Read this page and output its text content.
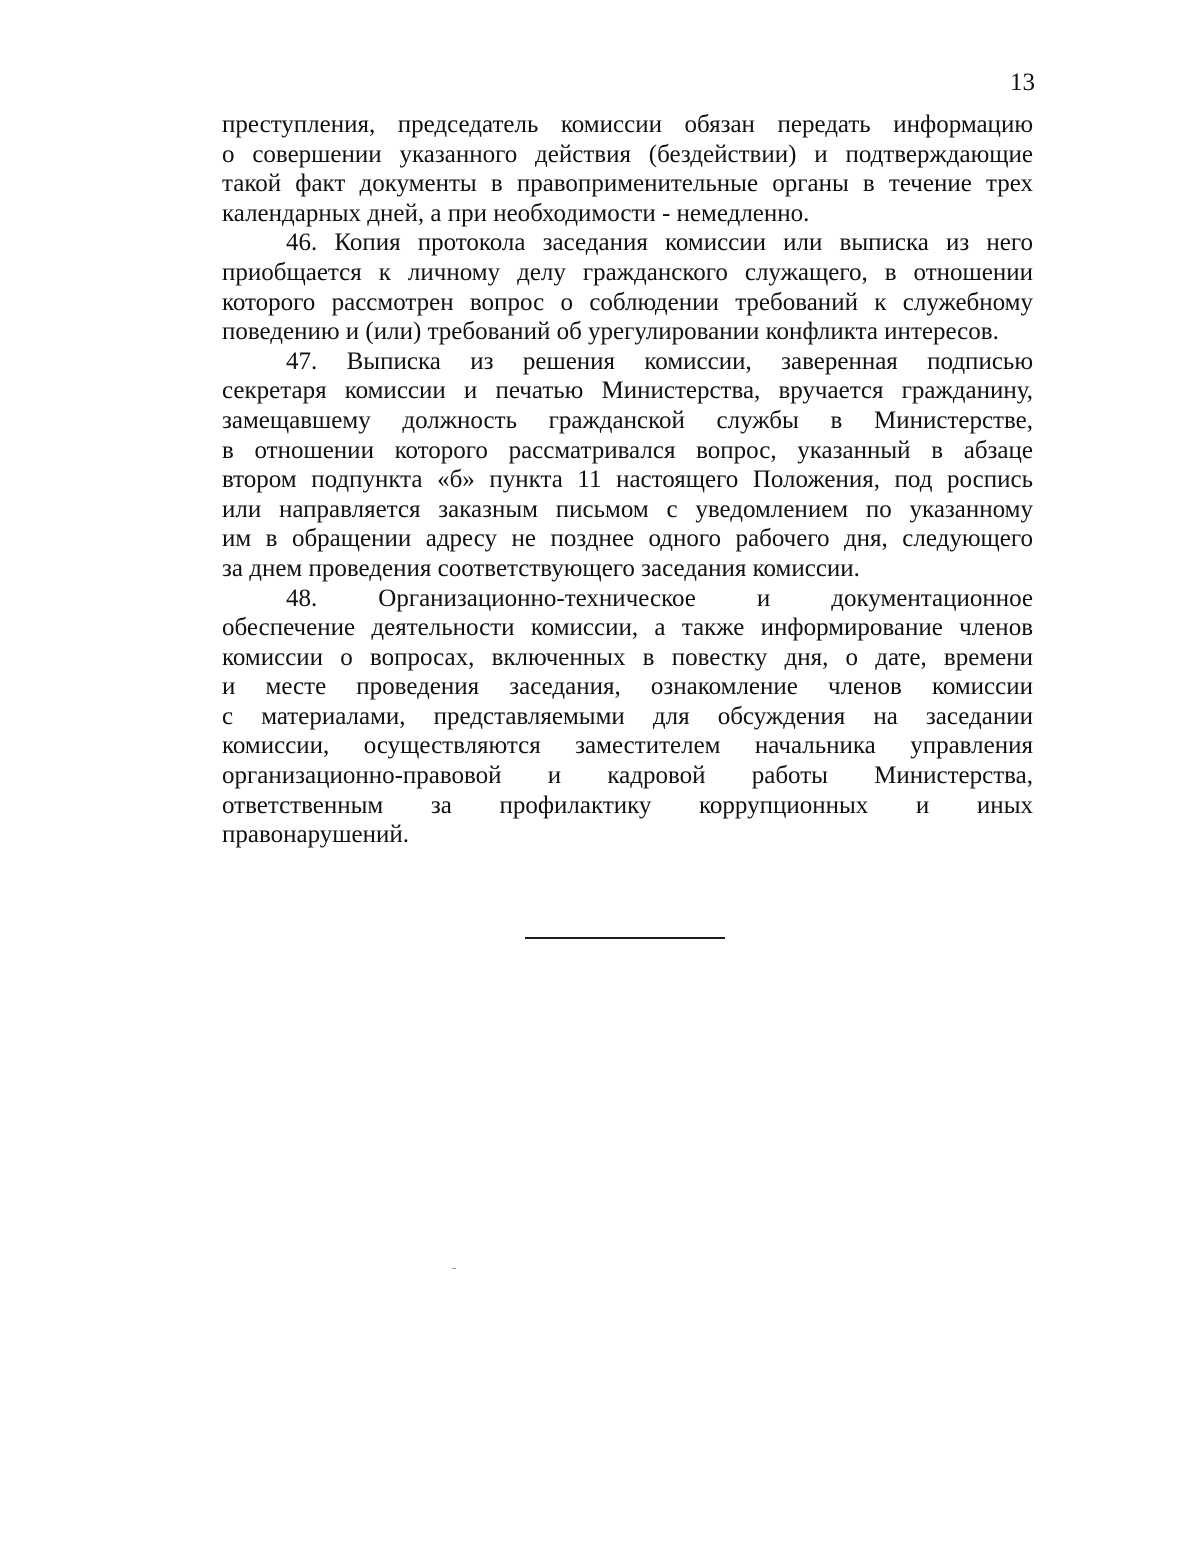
13
преступления, председатель комиссии обязан передать информацию
о совершении указанного действия (бездействии) и подтверждающие
такой факт документы в правоприменительные органы в течение трех
календарных дней, а при необходимости - немедленно.
46. Копия протокола заседания комиссии или выписка из него
приобщается к личному делу гражданского служащего, в отношении
которого рассмотрен вопрос о соблюдении требований к служебному
поведению и (или) требований об урегулировании конфликта интересов.
47. Выписка из решения комиссии, заверенная подписью
секретаря комиссии и печатью Министерства, вручается гражданину,
замещавшему должность гражданской службы в Министерстве,
в отношении которого рассматривался вопрос, указанный в абзаце
втором подпункта «б» пункта 11 настоящего Положения, под роспись
или направляется заказным письмом с уведомлением по указанному
им в обращении адресу не позднее одного рабочего дня, следующего
за днем проведения соответствующего заседания комиссии.
48. Организационно-техническое и документационное
обеспечение деятельности комиссии, а также информирование членов
комиссии о вопросах, включенных в повестку дня, о дате, времени
и месте проведения заседания, ознакомление членов комиссии
с материалами, представляемыми для обсуждения на заседании
комиссии, осуществляются заместителем начальника управления
организационно-правовой и кадровой работы Министерства,
ответственным за профилактику коррупционных и иных
правонарушений.
